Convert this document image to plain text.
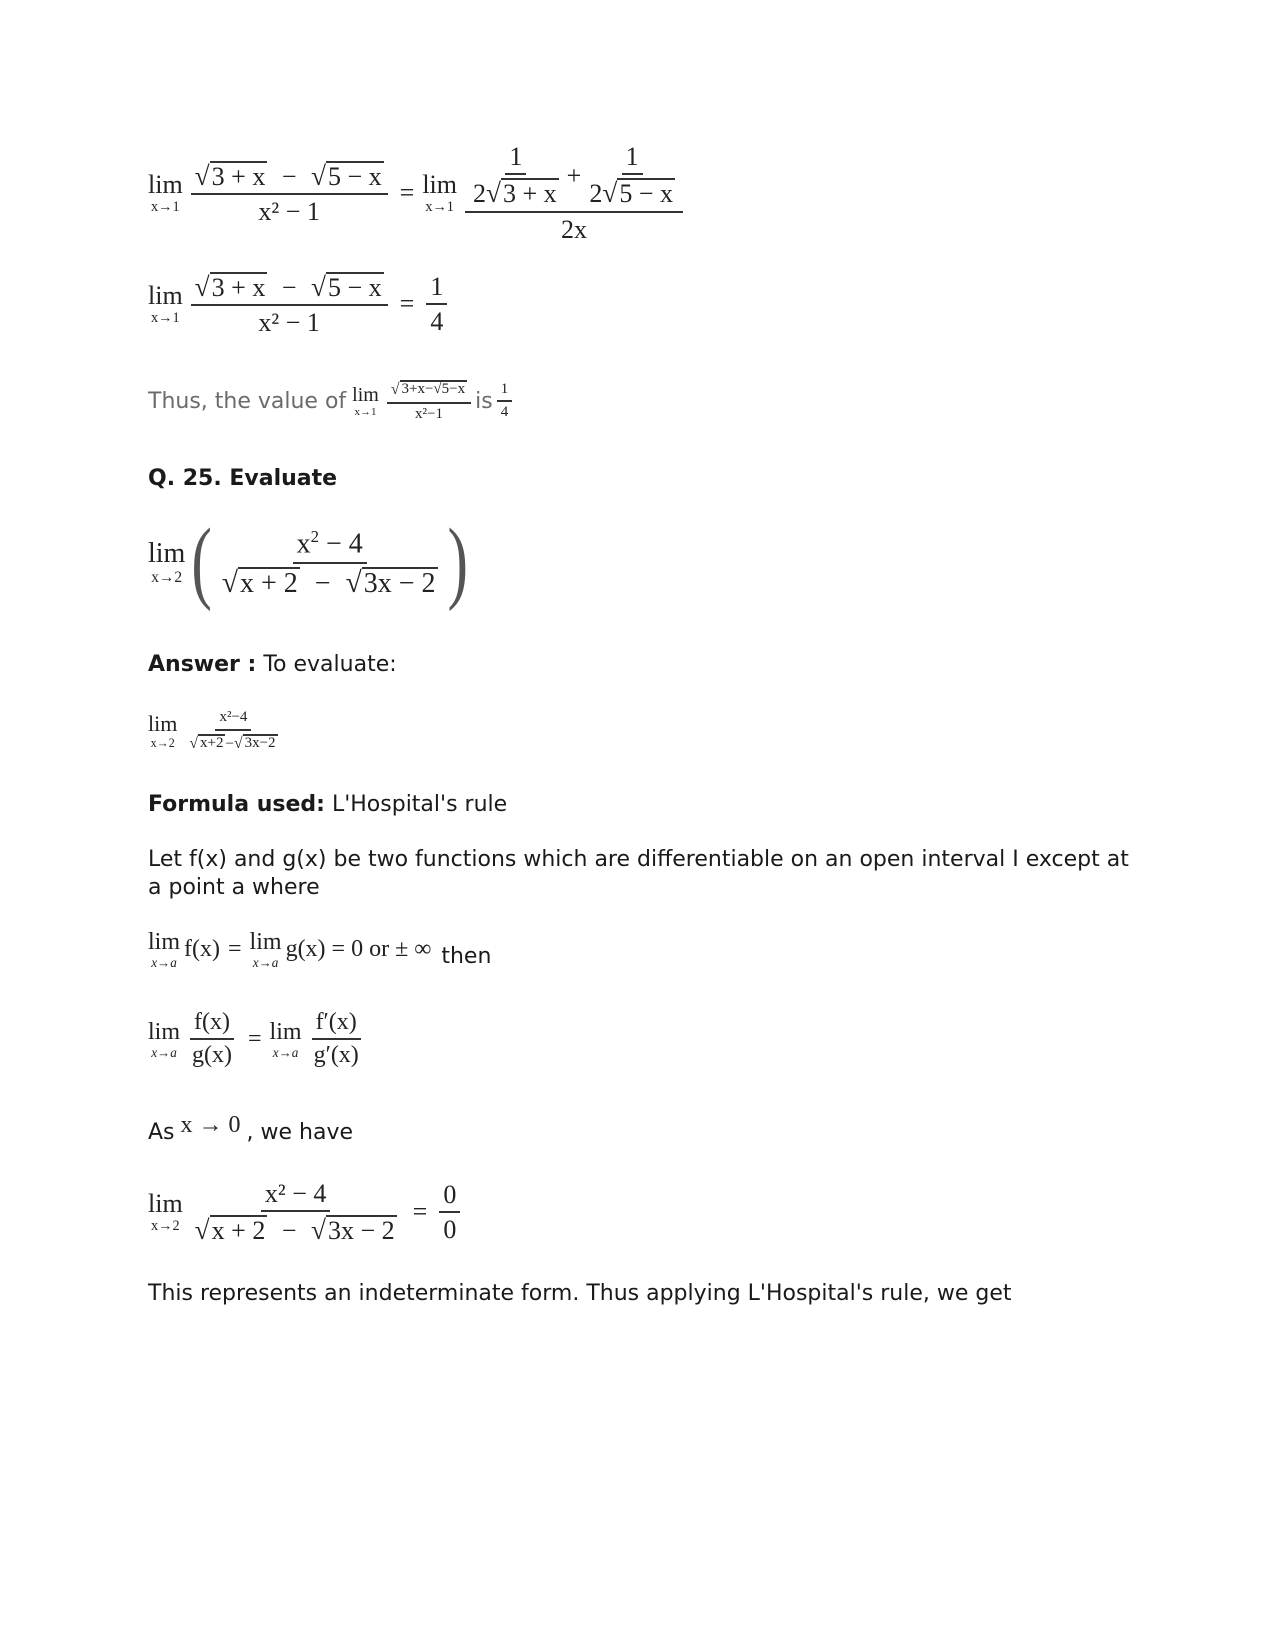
lim
$x\to 1 \frac{√ 3 + x - √ 5 - x}{\text{x² − 1}} = \lim$
$x\to 1 \frac{1}{2 √ 3 + x} + \frac{1}{2 √ 5 - x}$
2x
lim
$x\to 1 \frac{√ 3 + x - √ 5 - x}{\text{x² − 1}} = \frac{1}{4}$
Thus, the value of lim
$x\to 1 \frac{√ 3+x-√5-x}{\text{x²−1}}$ is $\frac{1}{4}$
Q. 25. Evaluate
lim
x→2 ( $\frac{x^2 - 4}{√ x + 2 - √ 3x - 2}$ )
Answer : To evaluate:
lim
$x\to 2 \frac{\text{x²−4}}{√ x+2 - √ 3x-2}$
Formula used: L'Hospital's rule
Let f(x) and g(x) be two functions which are differentiable on an open interval I except at
a point a where
lim
x→a
f(x) = lim
x→a
g(x) = 0 or ± ∞ then
lim
$x\to a \frac{f(x)}{g(x)} = \lim$
$x\to a \frac{f'(x)}{g'(x)}$
As x → 0 , we have
lim
$x\to 2 \frac{\text{x² − 4}}{√ x + 2 - √ 3x - 2} = \frac{0}{0}$
This represents an indeterminate form. Thus applying L'Hospital's rule, we get
